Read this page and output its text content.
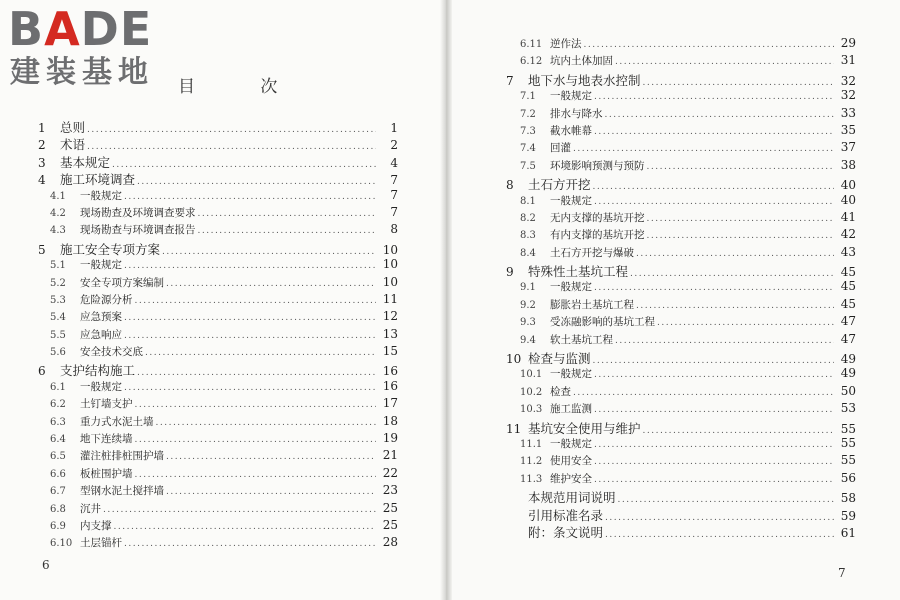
BADE
建装基地 目 次
1	总则 .....	1
2	术语 .....	2
3	基本规定 .....	4
4	施工环境调查 .....	7
4.1	一般规定 .....	7
4.2	现场勘查及环境调查要求 .....	7
4.3	现场勘查与环境调查报告 .....	8
5	施工安全专项方案 .....	10
5.1	一般规定 .....	10
5.2	安全专项方案编制 .....	10
5.3	危险源分析 .....	11
5.4	应急预案 .....	12
5.5	应急响应 .....	13
5.6	安全技术交底 .....	15
6	支护结构施工 .....	16
6.1	一般规定 .....	16
6.2	土钉墙支护 .....	17
6.3	重力式水泥土墙 .....	18
6.4	地下连续墙 .....	19
6.5	灌注桩排桩围护墙 .....	21
6.6	板桩围护墙 .....	22
6.7	型钢水泥土搅拌墙 .....	23
6.8	沉井 .....	25
6.9	内支撑 .....	25
6.10 土层锚杆 .....	28
6.11 逆作法 .....	29
6.12 坑内土体加固 .....	31
7	地下水与地表水控制 .....	32
7.1	一般规定 .....	32
7.2	排水与降水 .....	33
7.3	截水帷幕 .....	35
7.4	回灌 .....	37
7.5	环境影响预测与预防 .....	38
8	土石方开挖 .....	40
8.1	一般规定 .....	40
8.2	无内支撑的基坑开挖 .....	41
8.3	有内支撑的基坑开挖 .....	42
8.4	土石方开挖与爆破 .....	43
9	特殊性土基坑工程 .....	45
9.1	一般规定 .....	45
9.2	膨胀岩土基坑工程 .....	45
9.3	受冻融影响的基坑工程 .....	47
9.4	软土基坑工程 .....	47
10 检查与监测 .....	49
10.1 一般规定 .....	49
10.2 检查 .....	50
10.3 施工监测 .....	53
11 基坑安全使用与维护 .....	55
11.1 一般规定 .....	55
11.2 使用安全 .....	55
11.3 维护安全 .....	56
本规范用词说明 .....	58
引用标准名录 .....	59
附：条文说明 .....	61
6
7
